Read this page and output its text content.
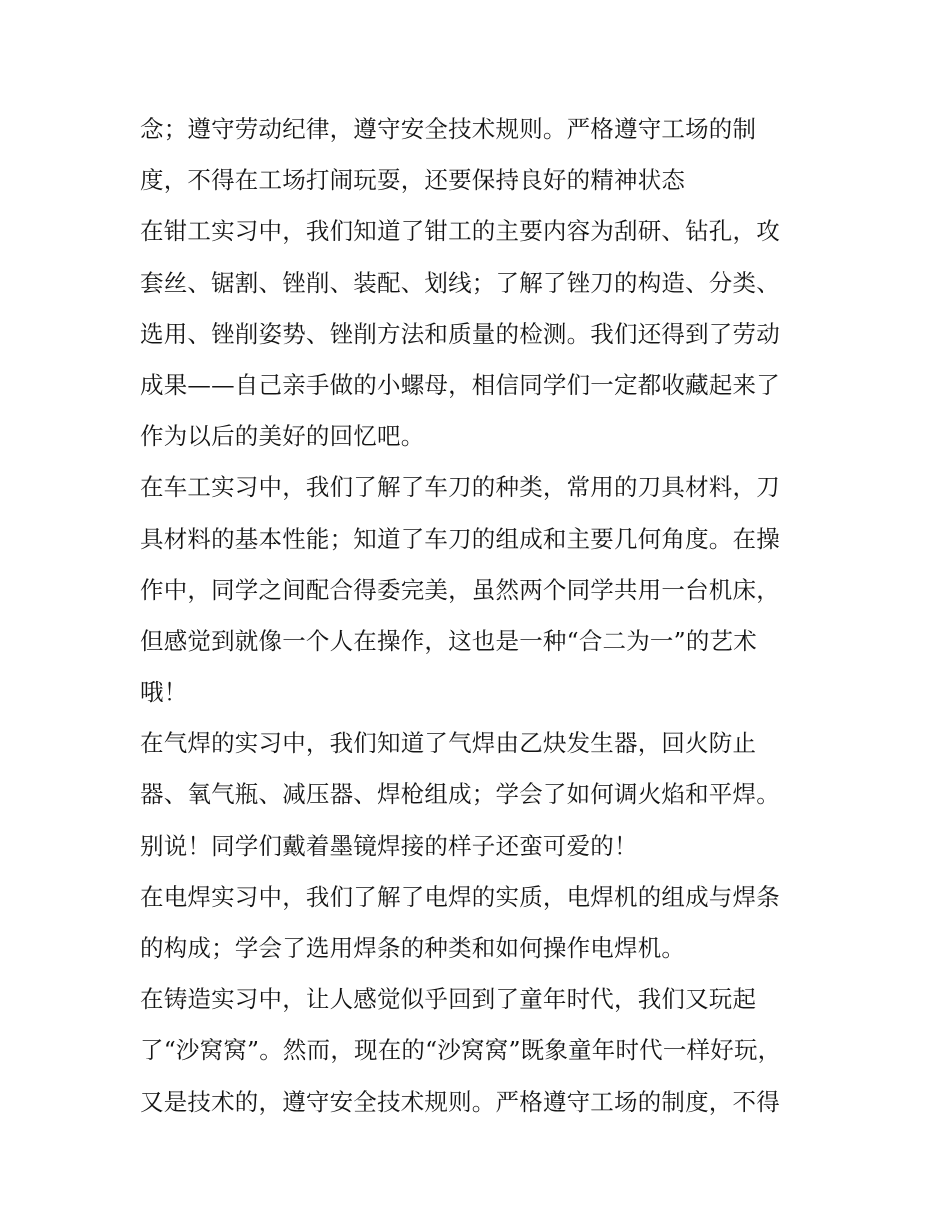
念；遵守劳动纪律，遵守安全技术规则。严格遵守工场的制
度，不得在工场打闹玩耍，还要保持良好的精神状态
在钳工实习中，我们知道了钳工的主要内容为刮研、钻孔，攻
套丝、锯割、锉削、装配、划线；了解了锉刀的构造、分类、
选用、锉削姿势、锉削方法和质量的检测。我们还得到了劳动
成果——自己亲手做的小螺母，相信同学们一定都收藏起来了
作为以后的美好的回忆吧。
在车工实习中，我们了解了车刀的种类，常用的刀具材料，刀
具材料的基本性能；知道了车刀的组成和主要几何角度。在操
作中，同学之间配合得委完美，虽然两个同学共用一台机床，
但感觉到就像一个人在操作，这也是一种“合二为一”的艺术
哦！
在气焊的实习中，我们知道了气焊由乙炔发生器，回火防止
器、氧气瓶、减压器、焊枪组成；学会了如何调火焰和平焊。
别说！同学们戴着墨镜焊接的样子还蛮可爱的！
在电焊实习中，我们了解了电焊的实质，电焊机的组成与焊条
的构成；学会了选用焊条的种类和如何操作电焊机。
在铸造实习中，让人感觉似乎回到了童年时代，我们又玩起
了“沙窝窝”。然而，现在的“沙窝窝”既象童年时代一样好玩，
又是技术的，遵守安全技术规则。严格遵守工场的制度，不得
